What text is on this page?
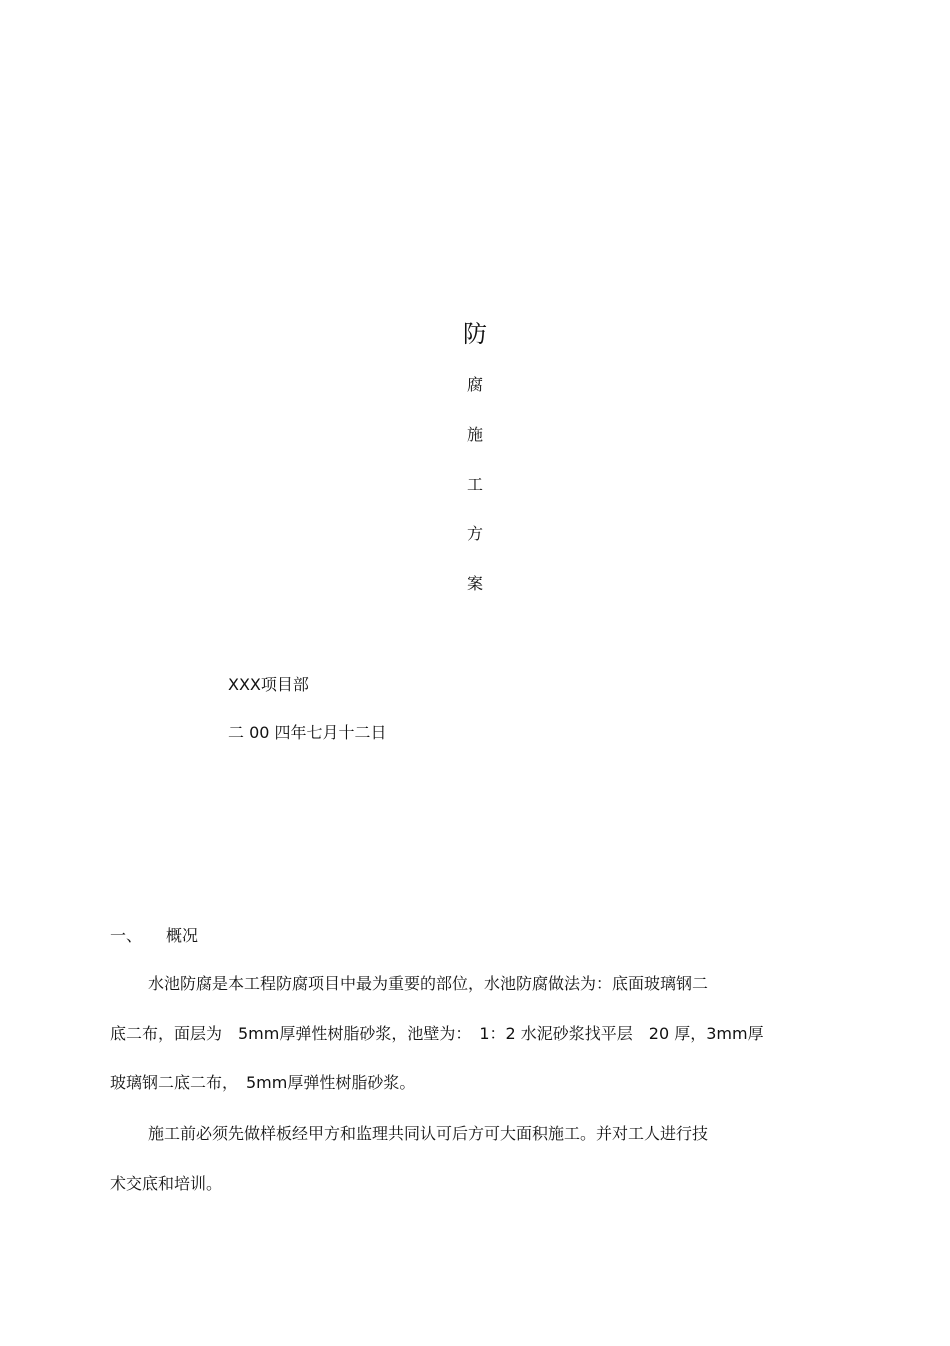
防
腐
施
工
方
案
XXX项目部
二 00 四年七月十二日
一、 概况
水池防腐是本工程防腐项目中最为重要的部位，水池防腐做法为：底面玻璃钢二
底二布，面层为　5mm厚弹性树脂砂浆，池壁为：　1：2 水泥砂浆找平层　20 厚，3mm厚
玻璃钢二底二布，　5mm厚弹性树脂砂浆。
施工前必须先做样板经甲方和监理共同认可后方可大面积施工。并对工人进行技
术交底和培训。
